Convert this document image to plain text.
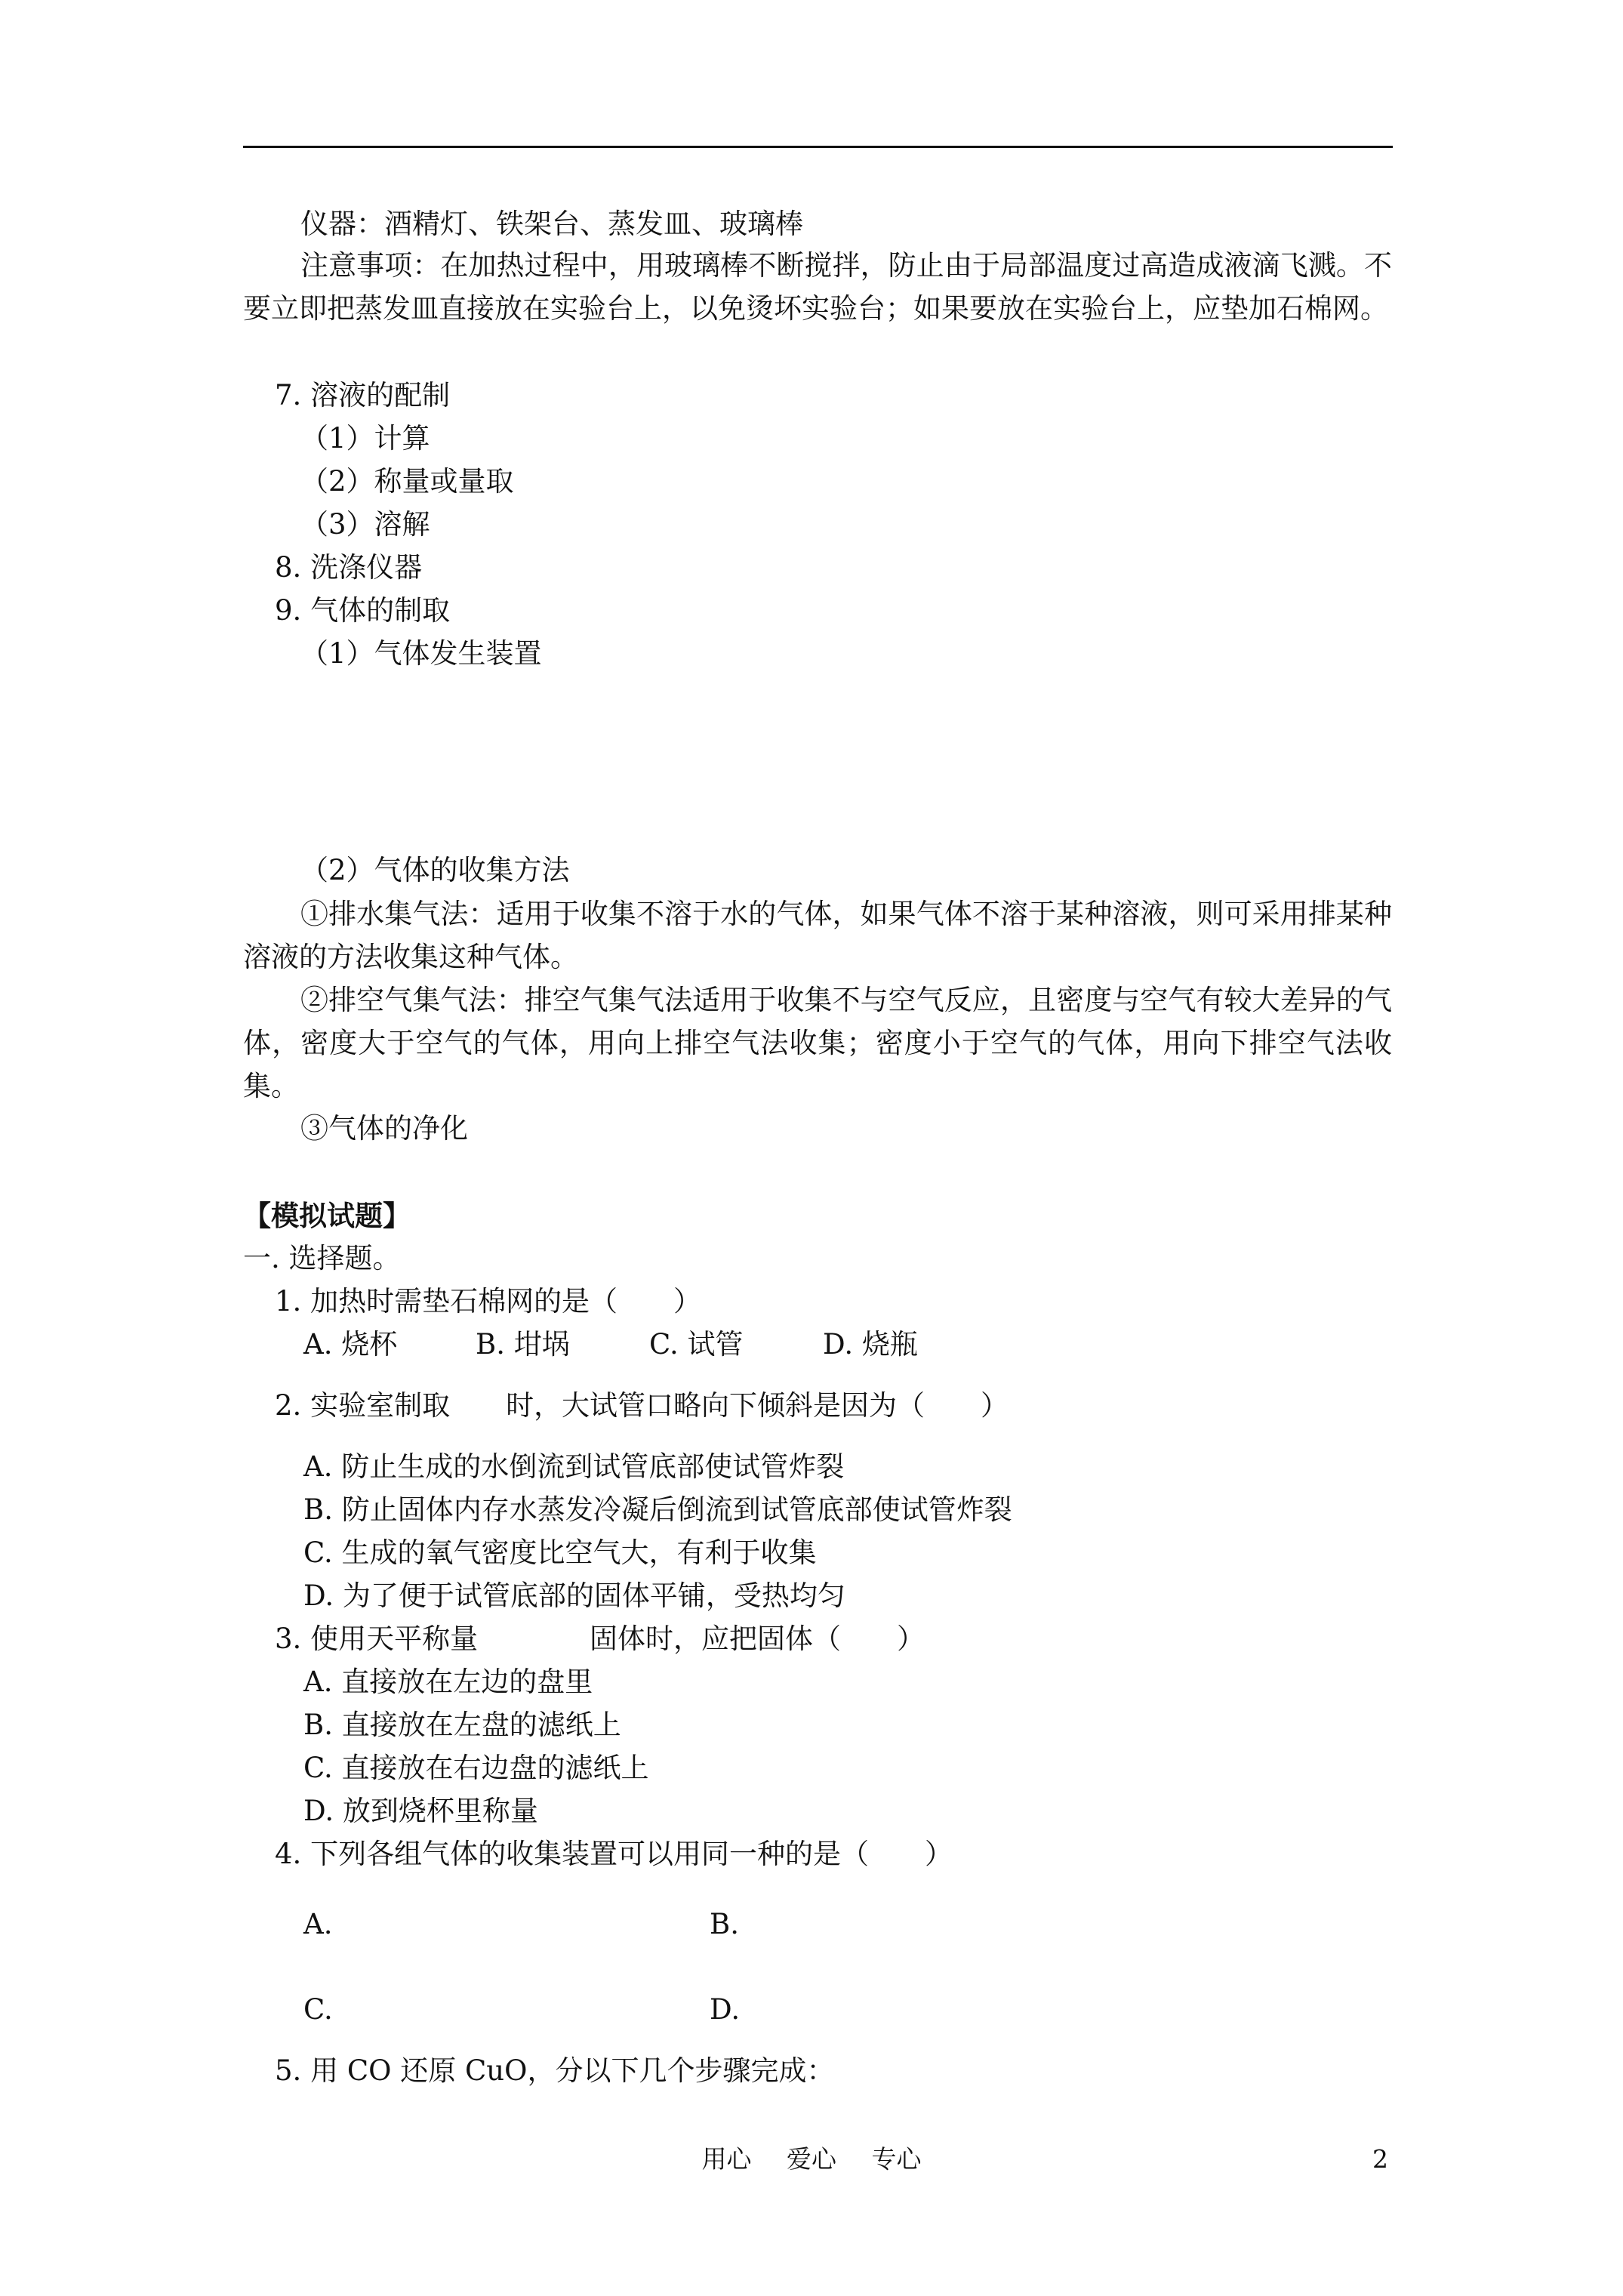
仪器：酒精灯、铁架台、蒸发皿、玻璃棒
注意事项：在加热过程中，用玻璃棒不断搅拌，防止由于局部温度过高造成液滴飞溅。不要立即把蒸发皿直接放在实验台上，以免烫坏实验台；如果要放在实验台上，应垫加石棉网。
7. 溶液的配制
（1）计算
（2）称量或量取
（3）溶解
8. 洗涤仪器
9. 气体的制取
（1）气体发生装置
（2）气体的收集方法
①排水集气法：适用于收集不溶于水的气体，如果气体不溶于某种溶液，则可采用排某种溶液的方法收集这种气体。
②排空气集气法：排空气集气法适用于收集不与空气反应，且密度与空气有较大差异的气体，密度大于空气的气体，用向上排空气法收集；密度小于空气的气体，用向下排空气法收集。
③气体的净化
【模拟试题】
一. 选择题。
1. 加热时需垫石棉网的是（　　）
A. 烧杯	B. 坩埚	C. 试管	D. 烧瓶
2. 实验室制取　　时，大试管口略向下倾斜是因为（　　）
A. 防止生成的水倒流到试管底部使试管炸裂
B. 防止固体内存水蒸发冷凝后倒流到试管底部使试管炸裂
C. 生成的氧气密度比空气大，有利于收集
D. 为了便于试管底部的固体平铺，受热均匀
3. 使用天平称量　　　　固体时，应把固体（　　）
A. 直接放在左边的盘里
B. 直接放在左盘的滤纸上
C. 直接放在右边盘的滤纸上
D. 放到烧杯里称量
4. 下列各组气体的收集装置可以用同一种的是（　　）
A.	B.
C.	D.
5. 用 CO 还原 CuO，分以下几个步骤完成：
用心 爱心 专心	2
